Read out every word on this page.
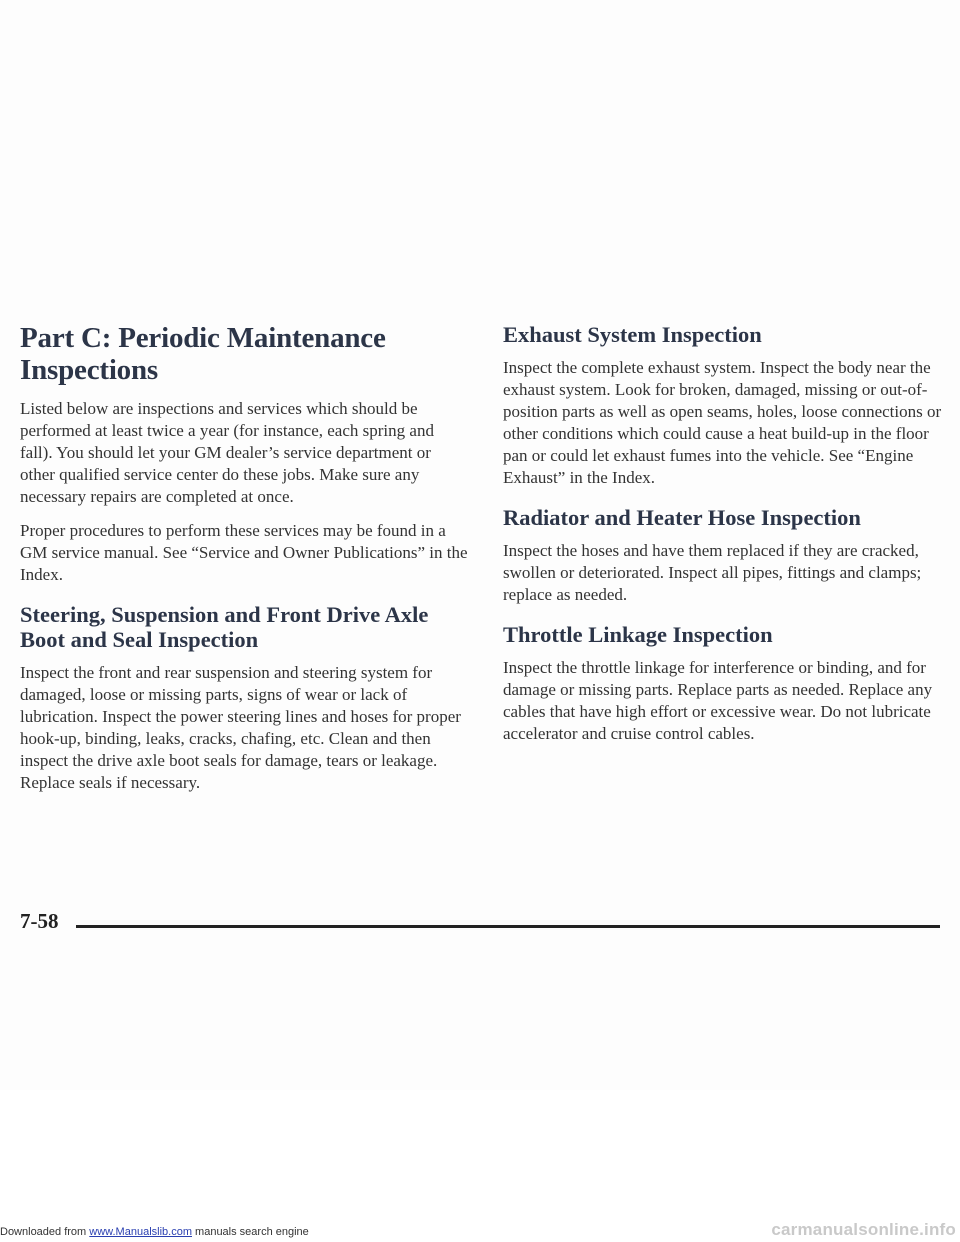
Part C: Periodic Maintenance Inspections

Listed below are inspections and services which should be performed at least twice a year (for instance, each spring and fall). You should let your GM dealer’s service department or other qualified service center do these jobs. Make sure any necessary repairs are completed at once.

Proper procedures to perform these services may be found in a GM service manual. See “Service and Owner Publications” in the Index.

Steering, Suspension and Front Drive Axle Boot and Seal Inspection

Inspect the front and rear suspension and steering system for damaged, loose or missing parts, signs of wear or lack of lubrication. Inspect the power steering lines and hoses for proper hook-up, binding, leaks, cracks, chafing, etc. Clean and then inspect the drive axle boot seals for damage, tears or leakage. Replace seals if necessary.

Exhaust System Inspection

Inspect the complete exhaust system. Inspect the body near the exhaust system. Look for broken, damaged, missing or out-of-position parts as well as open seams, holes, loose connections or other conditions which could cause a heat build-up in the floor pan or could let exhaust fumes into the vehicle. See “Engine Exhaust” in the Index.

Radiator and Heater Hose Inspection

Inspect the hoses and have them replaced if they are cracked, swollen or deteriorated. Inspect all pipes, fittings and clamps; replace as needed.

Throttle Linkage Inspection

Inspect the throttle linkage for interference or binding, and for damage or missing parts. Replace parts as needed. Replace any cables that have high effort or excessive wear. Do not lubricate accelerator and cruise control cables.

7-58
Downloaded from www.Manualslib.com manuals search engine	carmanualsonline.info
